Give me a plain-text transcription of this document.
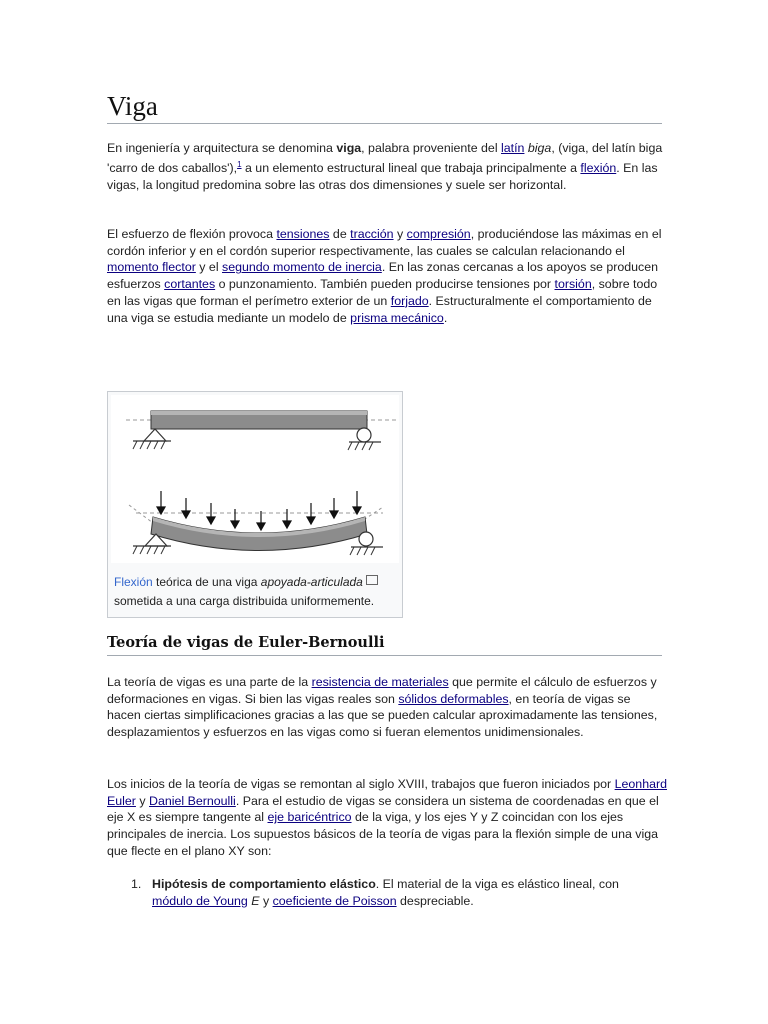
Viga

En ingeniería y arquitectura se denomina viga, palabra proveniente del latín biga, (viga, del latín biga 'carro de dos caballos'),$^1$ a un elemento estructural lineal que trabaja principalmente a flexión. En las vigas, la longitud predomina sobre las otras dos dimensiones y suele ser horizontal.

El esfuerzo de flexión provoca tensiones de tracción y compresión, produciéndose las máximas en el cordón inferior y en el cordón superior respectivamente, las cuales se calculan relacionando el momento flector y el segundo momento de inercia. En las zonas cercanas a los apoyos se producen esfuerzos cortantes o punzonamiento. También pueden producirse tensiones por torsión, sobre todo en las vigas que forman el perímetro exterior de un forjado. Estructuralmente el comportamiento de una viga se estudia mediante un modelo de prisma mecánico.

Flexión teórica de una viga apoyada-articulada sometida a una carga distribuida uniformemente.
Teoría de vigas de Euler-Bernoulli

La teoría de vigas es una parte de la resistencia de materiales que permite el cálculo de esfuerzos y deformaciones en vigas. Si bien las vigas reales son sólidos deformables, en teoría de vigas se hacen ciertas simplificaciones gracias a las que se pueden calcular aproximadamente las tensiones, desplazamientos y esfuerzos en las vigas como si fueran elementos unidimensionales.

Los inicios de la teoría de vigas se remontan al siglo XVIII, trabajos que fueron iniciados por Leonhard Euler y Daniel Bernoulli. Para el estudio de vigas se considera un sistema de coordenadas en que el eje X es siempre tangente al eje baricéntrico de la viga, y los ejes Y y Z coincidan con los ejes principales de inercia. Los supuestos básicos de la teoría de vigas para la flexión simple de una viga que flecte en el plano XY son:

1. Hipótesis de comportamiento elástico. El material de la viga es elástico lineal, con módulo de Young E y coeficiente de Poisson despreciable.
